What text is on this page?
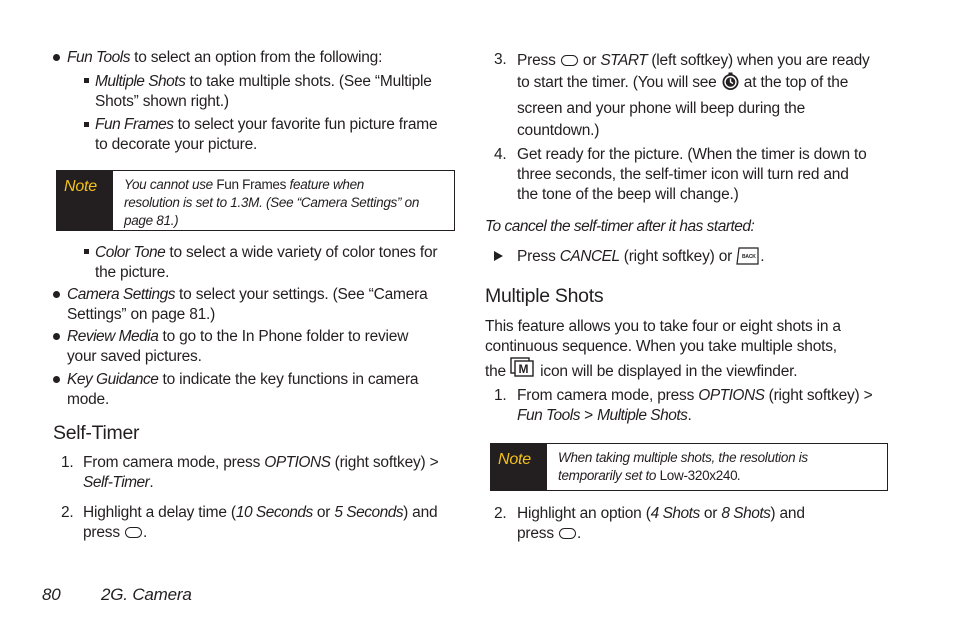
Fun Tools to select an option from the following:
Multiple Shots to take multiple shots. (See “Multiple
Shots” shown right.)
Fun Frames to select your favorite fun picture frame
to decorate your picture.
Note	You cannot use Fun Frames feature when
resolution is set to 1.3M. (See “Camera Settings” on
page 81.)
Color Tone to select a wide variety of color tones for
the picture.
Camera Settings to select your settings. (See “Camera
Settings” on page 81.)
Review Media to go to the In Phone folder to review
your saved pictures.
Key Guidance to indicate the key functions in camera
mode.
Self-Timer
1. From camera mode, press OPTIONS (right softkey) >
Self-Timer.
2. Highlight a delay time (10 Seconds or 5 Seconds) and
press .
3. Press  or START (left softkey) when you are ready
to start the timer. (You will see  at the top of the
screen and your phone will beep during the
countdown.)
4. Get ready for the picture. (When the timer is down to
three seconds, the self-timer icon will turn red and
the tone of the beep will change.)
To cancel the self-timer after it has started:
Press CANCEL (right softkey) or BACK .
Multiple Shots
This feature allows you to take four or eight shots in a
continuous sequence. When you take multiple shots,
the M icon will be displayed in the viewfinder.
1. From camera mode, press OPTIONS (right softkey) >
Fun Tools > Multiple Shots.
Note	When taking multiple shots, the resolution is
temporarily set to Low-320x240.
2. Highlight an option (4 Shots or 8 Shots) and
press .
80 2G. Camera
